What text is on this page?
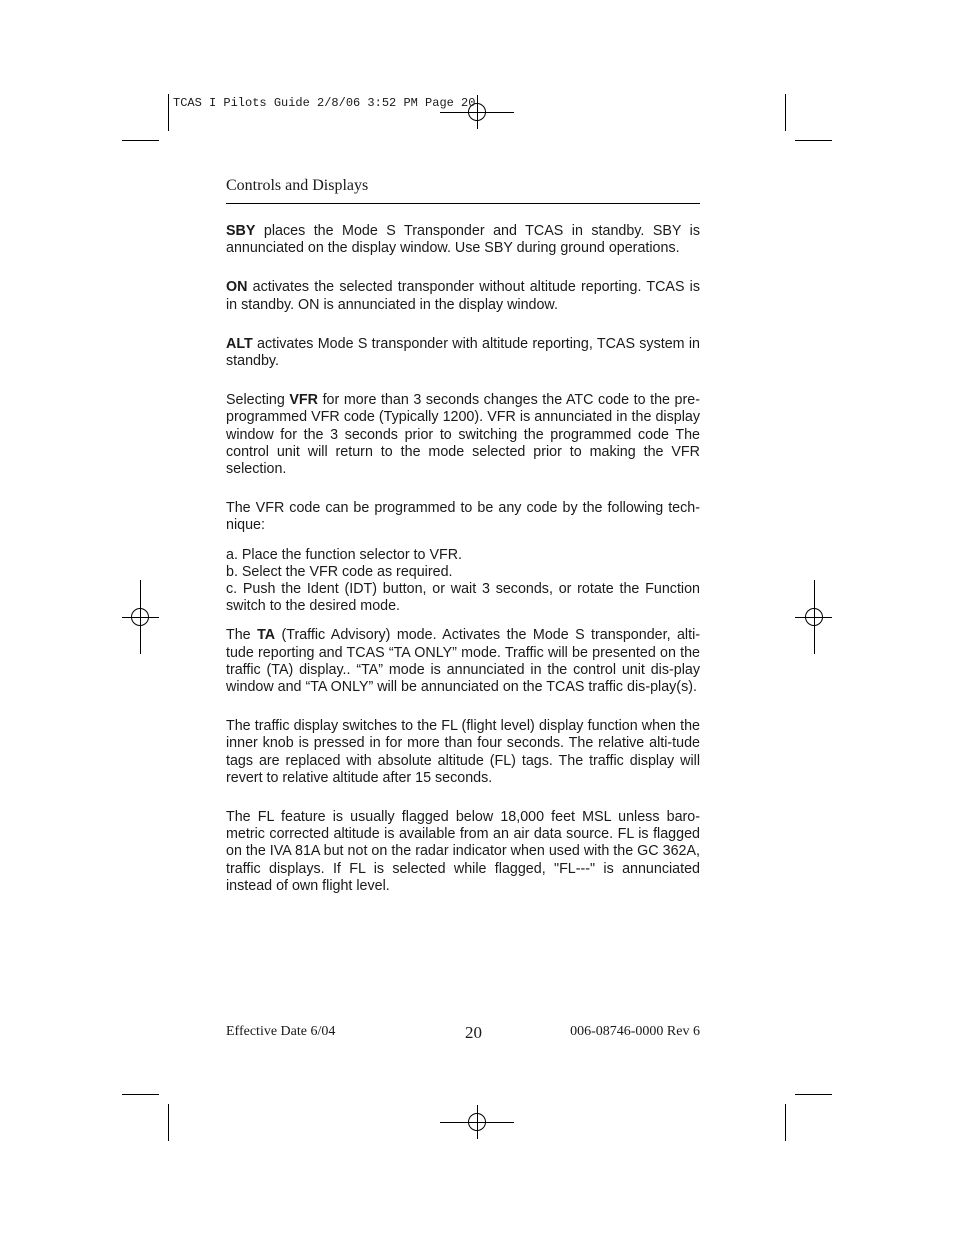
TCAS I Pilots Guide 2/8/06 3:52 PM Page 20
Controls and Displays

SBY places the Mode S Transponder and TCAS in standby. SBY is annunciated on the display window. Use SBY during ground operations.

ON activates the selected transponder without altitude reporting. TCAS is in standby. ON is annunciated in the display window.

ALT activates Mode S transponder with altitude reporting, TCAS system in standby.

Selecting VFR for more than 3 seconds changes the ATC code to the pre-programmed VFR code (Typically 1200). VFR is annunciated in the display window for the 3 seconds prior to switching the programmed code The control unit will return to the mode selected prior to making the VFR selection.

The VFR code can be programmed to be any code by the following tech-nique:

a. Place the function selector to VFR.

b. Select the VFR code as required.

c. Push the Ident (IDT) button, or wait 3 seconds, or rotate the Function switch to the desired mode.

The TA (Traffic Advisory) mode. Activates the Mode S transponder, alti-tude reporting and TCAS “TA ONLY” mode. Traffic will be presented on the traffic (TA) display.. “TA” mode is annunciated in the control unit dis-play window and “TA ONLY” will be annunciated on the TCAS traffic dis-play(s).

The traffic display switches to the FL (flight level) display function when the inner knob is pressed in for more than four seconds. The relative alti-tude tags are replaced with absolute altitude (FL) tags. The traffic display will revert to relative altitude after 15 seconds.

The FL feature is usually flagged below 18,000 feet MSL unless baro-metric corrected altitude is available from an air data source. FL is flagged on the IVA 81A but not on the radar indicator when used with the GC 362A, traffic displays. If FL is selected while flagged, "FL---" is annunciated instead of own flight level.

Effective Date 6/04	20	006-08746-0000 Rev 6
